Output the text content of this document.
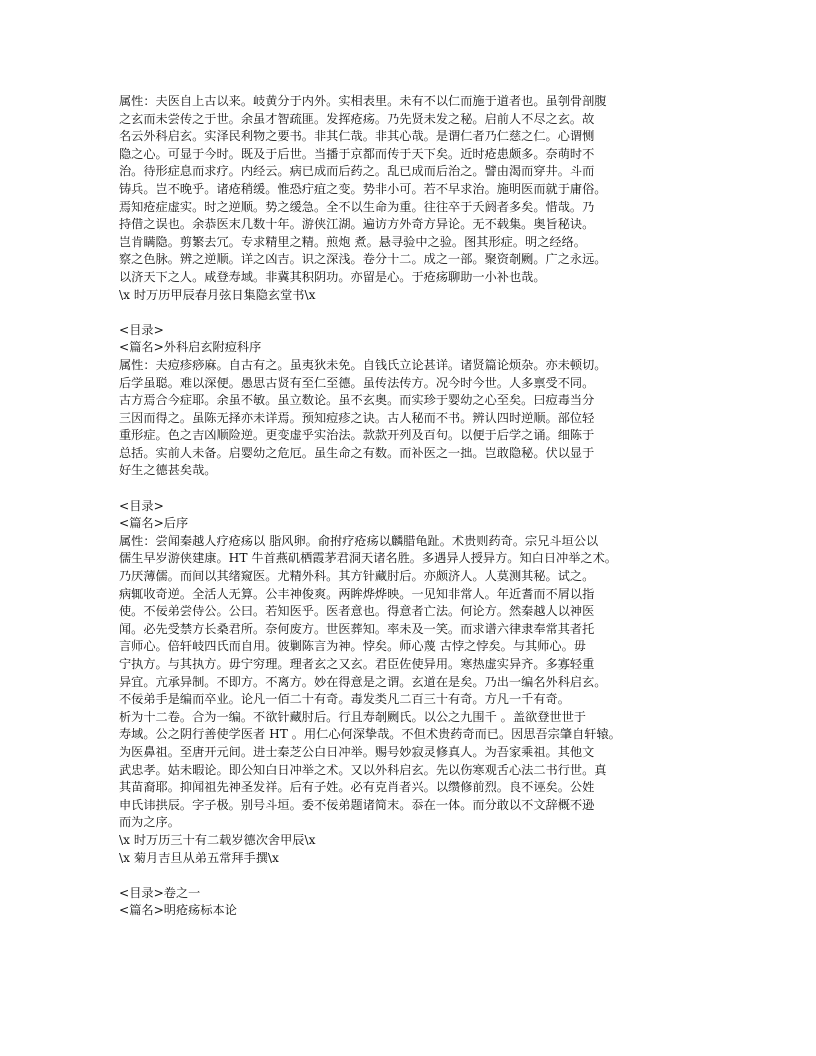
属性：夫医自上古以来。岐黄分于内外。实相表里。未有不以仁而施于道者也。虽刳骨剖腹
之玄而未尝传之于世。余虽才智疏匪。发挥疮疡。乃先贤未发之秘。启前人不尽之玄。故
名云外科启玄。实泽民利物之要书。非其仁哉。非其心哉。是谓仁者乃仁慈之仁。心谓恻
隐之心。可显于今时。既及于后世。当播于京都而传于天下矣。近时疮患颇多。奈萌时不
治。待形症息而求疗。内经云。病已成而后药之。乱已成而后治之。譬由渴而穿井。斗而
铸兵。岂不晚乎。诸疮稍缓。惟恐疔疽之变。势非小可。若不早求治。施明医而就于庸俗。
焉知疮症虚实。时之逆顺。势之缓急。全不以生命为重。往往卒于夭阏者多矣。惜哉。乃
持借之误也。余恭医末几数十年。游侠江湖。遍访方外奇方异论。无不载集。奥旨秘诀。
岂肯瞒隐。剪繁去冗。专求精里之精。煎炮 煮。悬寻验中之验。图其形症。明之经络。
察之色脉。辨之逆顺。详之凶吉。识之深浅。卷分十二。成之一部。聚资剞劂。广之永远。
以济天下之人。咸登寿域。非冀其积阴功。亦留是心。于疮疡聊助一小补也哉。
\x 时万历甲辰春月弦日集隐玄堂书\x
<目录>
<篇名>外科启玄附痘科序
属性：夫痘疹痧麻。自古有之。虽夷狄未免。自钱氏立论甚详。诸贤篇论烦杂。亦未顿切。
后学虽聪。难以深便。愚思古贤有至仁至德。虽传法传方。况今时今世。人多禀受不同。
古方焉合今症耶。余虽不敏。虽立数论。虽不玄奥。而实珍于婴幼之心至矣。曰痘毒当分
三因而得之。虽陈无择亦未详焉。预知痘疹之诀。古人秘而不书。辨认四时逆顺。部位轻
重形症。色之吉凶顺险逆。更变虚乎实治法。款款开列及百句。以便于后学之诵。细陈于
总括。实前人未备。启婴幼之危厄。虽生命之有数。而补医之一拙。岂敢隐秘。伏以显于
好生之德甚矣哉。
<目录>
<篇名>后序
属性：尝闻秦越人疗疮疡以 脂风卵。俞拊疗疮疡以麟腊龟趾。术贵则药奇。宗兄斗垣公以
儒生早岁游侠建康。HT 牛首燕矶栖霞茅君洞天诸名胜。多遇异人授异方。知白日冲举之术。
乃厌薄儒。而间以其绪窥医。尤精外科。其方针藏肘后。亦颇济人。人莫测其秘。试之。
病辄收奇逆。全活人无算。公丰神俊爽。两眸烨烨映。一见知非常人。年近耆而不屑以指
使。不佞弟尝侍公。公曰。若知医乎。医者意也。得意者亡法。何论方。然秦越人以神医
闻。必先受禁方长桑君所。奈何废方。世医葬知。率未及一笑。而求谱六律隶奉常其者托
言师心。倍轩岐四氏而自用。彼剿陈言为神。悖矣。师心蔑 古悖之悖矣。与其师心。毋
宁执方。与其执方。毋宁穷理。理者玄之又玄。君臣佐使异用。寒热虚实异齐。多寡轻重
异宜。亢承异制。不即方。不离方。妙在得意是之谓。玄道在是矣。乃出一编名外科启玄。
不佞弟手是编而卒业。论凡一佰二十有奇。毒发类凡二百三十有奇。方凡一千有奇。
析为十二卷。合为一编。不欲针藏肘后。行且寿剞劂氏。以公之九围千 。盖欲登世世于
寿域。公之阴行善使学医者 HT 。用仁心何深挚哉。不但术贵药奇而已。因思吾宗肇自轩辕。
为医鼻祖。至唐开元间。进士秦芝公白日冲举。赐号妙寂灵修真人。为吾家乘祖。其他文
武忠孝。姑未暇论。即公知白日冲举之术。又以外科启玄。先以伤寒观舌心法二书行世。真
其苗裔耶。抑闻祖先神圣发祥。后有子姓。必有克肖者兴。以缵修前烈。良不诬矣。公姓
申氏讳拱辰。字子极。别号斗垣。委不佞弟题诸简末。忝在一体。而分敢以不文辞概不逊
而为之序。
\x 时万历三十有二载岁德次舍甲辰\x
\x 菊月吉旦从弟五常拜手撰\x
<目录>卷之一
<篇名>明疮疡标本论
